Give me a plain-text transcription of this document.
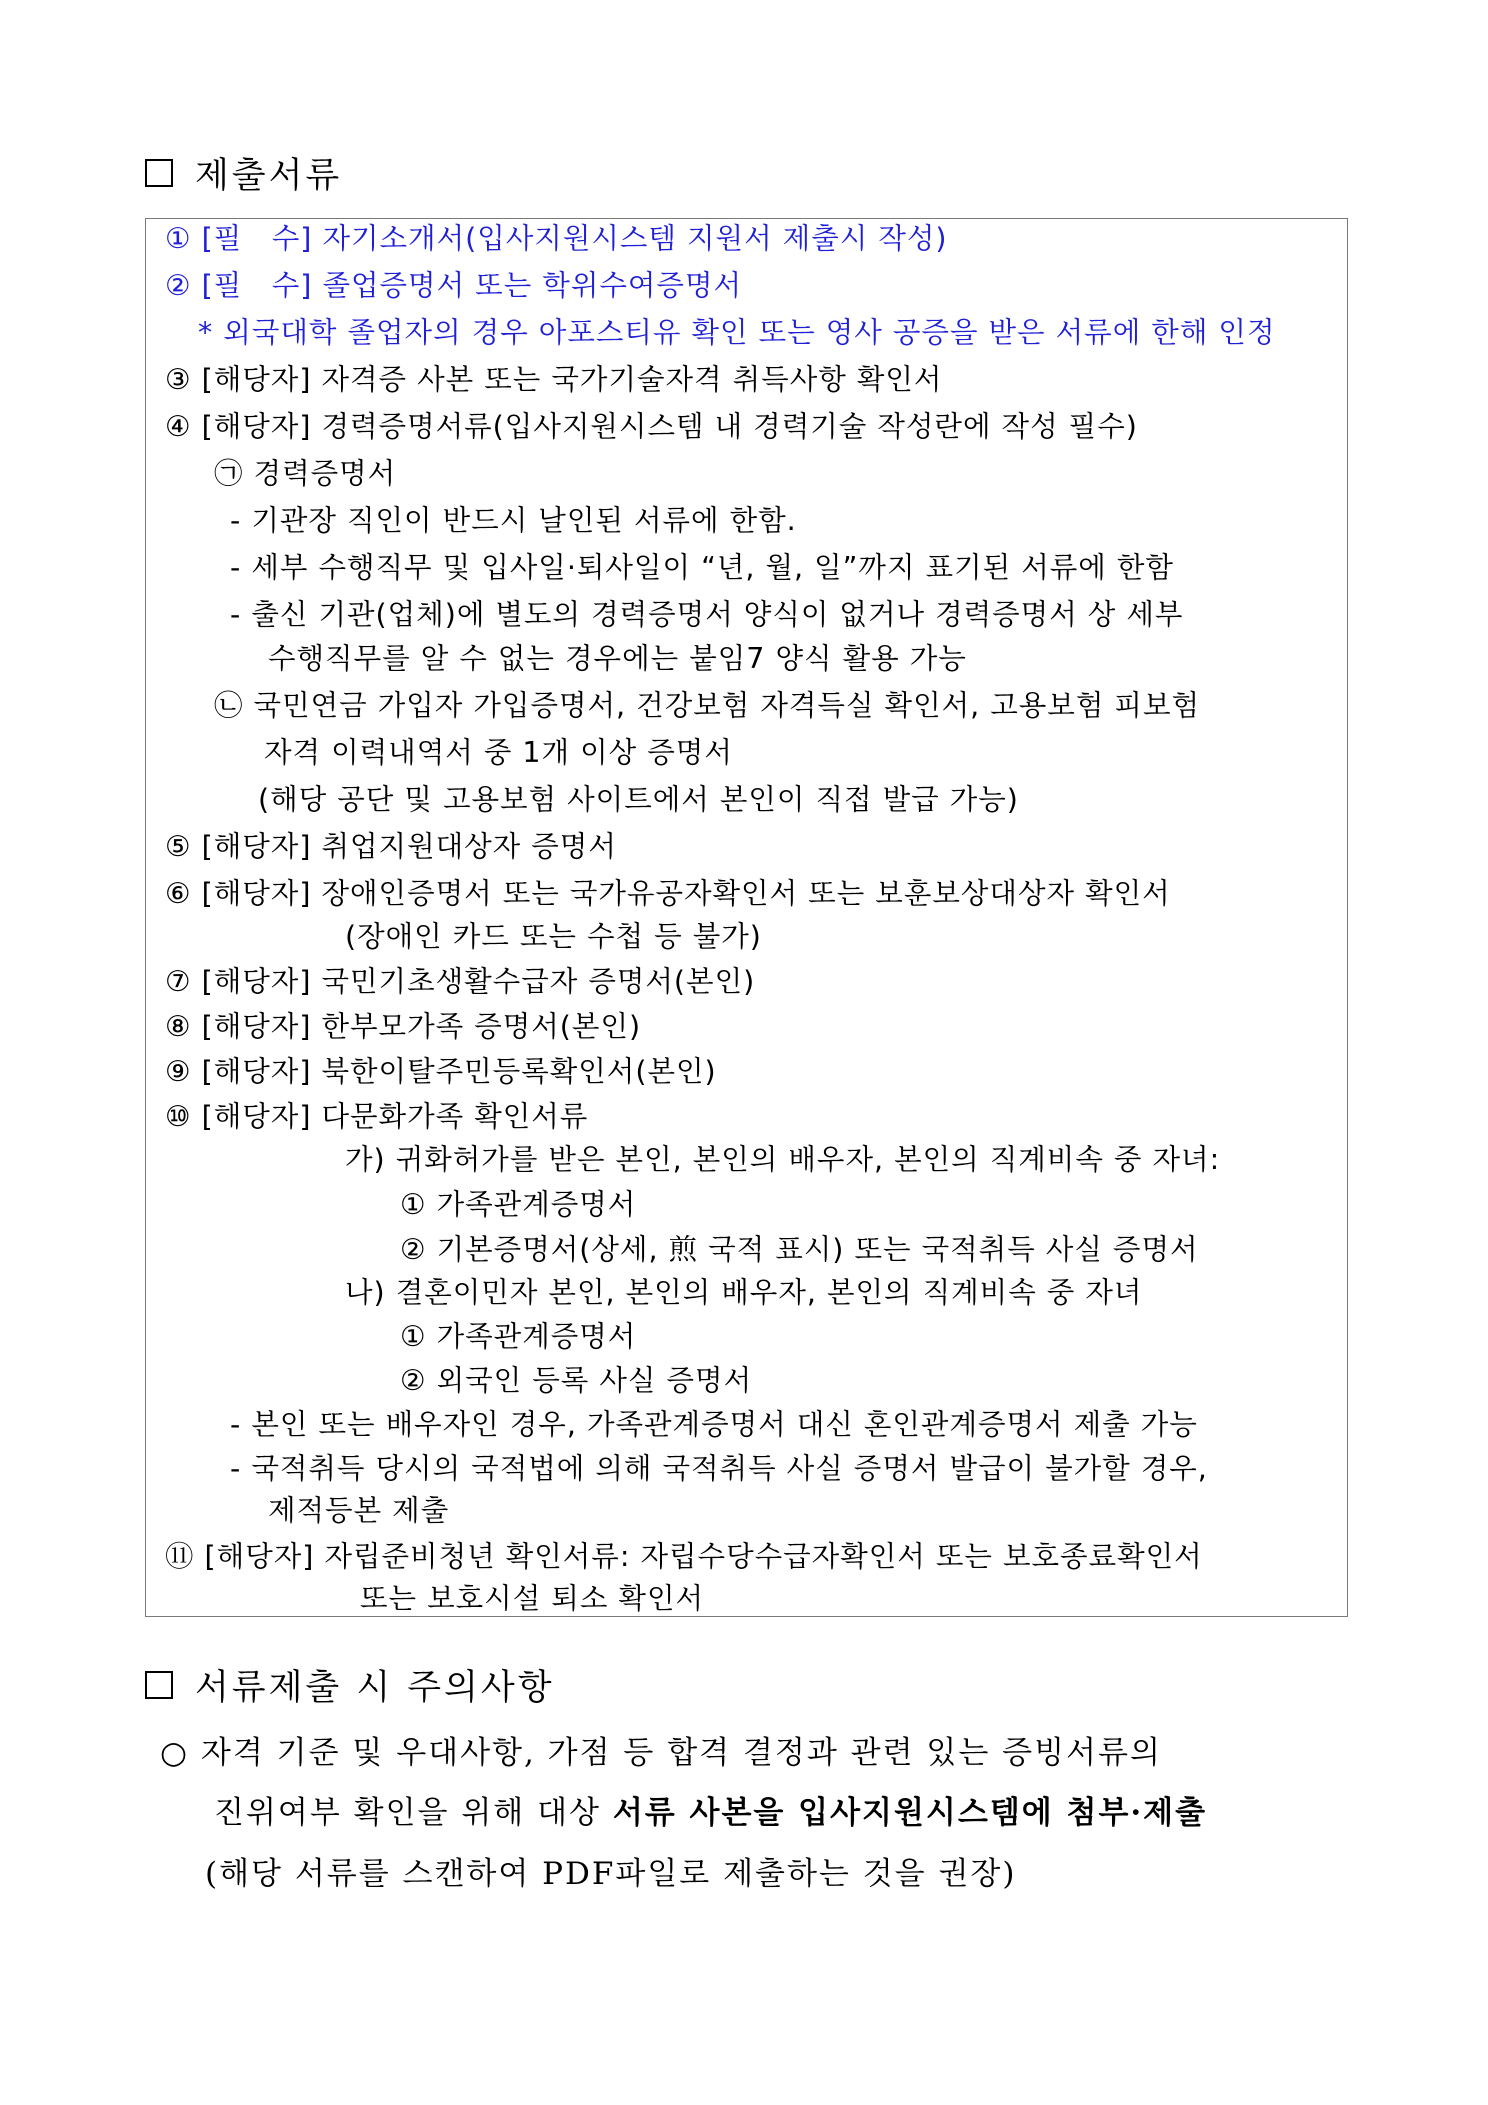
제출서류
① [필　수] 자기소개서(입사지원시스템 지원서 제출시 작성)
② [필　수] 졸업증명서 또는 학위수여증명서
* 외국대학 졸업자의 경우 아포스티유 확인 또는 영사 공증을 받은 서류에 한해 인정
③ [해당자] 자격증 사본 또는 국가기술자격 취득사항 확인서
④ [해당자] 경력증명서류(입사지원시스템 내 경력기술 작성란에 작성 필수)
㉠ 경력증명서
- 기관장 직인이 반드시 날인된 서류에 한함.
- 세부 수행직무 및 입사일·퇴사일이 “년, 월, 일”까지 표기된 서류에 한함
- 출신 기관(업체)에 별도의 경력증명서 양식이 없거나 경력증명서 상 세부
수행직무를 알 수 없는 경우에는 붙임7 양식 활용 가능
㉡ 국민연금 가입자 가입증명서, 건강보험 자격득실 확인서, 고용보험 피보험
자격 이력내역서 중 1개 이상 증명서
(해당 공단 및 고용보험 사이트에서 본인이 직접 발급 가능)
⑤ [해당자] 취업지원대상자 증명서
⑥ [해당자] 장애인증명서 또는 국가유공자확인서 또는 보훈보상대상자 확인서
(장애인 카드 또는 수첩 등 불가)
⑦ [해당자] 국민기초생활수급자 증명서(본인)
⑧ [해당자] 한부모가족 증명서(본인)
⑨ [해당자] 북한이탈주민등록확인서(본인)
⑩ [해당자] 다문화가족 확인서류
가) 귀화허가를 받은 본인, 본인의 배우자, 본인의 직계비속 중 자녀:
① 가족관계증명서
② 기본증명서(상세, 煎 국적 표시) 또는 국적취득 사실 증명서
나) 결혼이민자 본인, 본인의 배우자, 본인의 직계비속 중 자녀
① 가족관계증명서
② 외국인 등록 사실 증명서
- 본인 또는 배우자인 경우, 가족관계증명서 대신 혼인관계증명서 제출 가능
- 국적취득 당시의 국적법에 의해 국적취득 사실 증명서 발급이 불가할 경우,
제적등본 제출
⑪ [해당자] 자립준비청년 확인서류: 자립수당수급자확인서 또는 보호종료확인서
또는 보호시설 퇴소 확인서
서류제출 시 주의사항
○ 자격 기준 및 우대사항, 가점 등 합격 결정과 관련 있는 증빙서류의
진위여부 확인을 위해 대상 서류 사본을 입사지원시스템에 첨부·제출
(해당 서류를 스캔하여 PDF파일로 제출하는 것을 권장)
